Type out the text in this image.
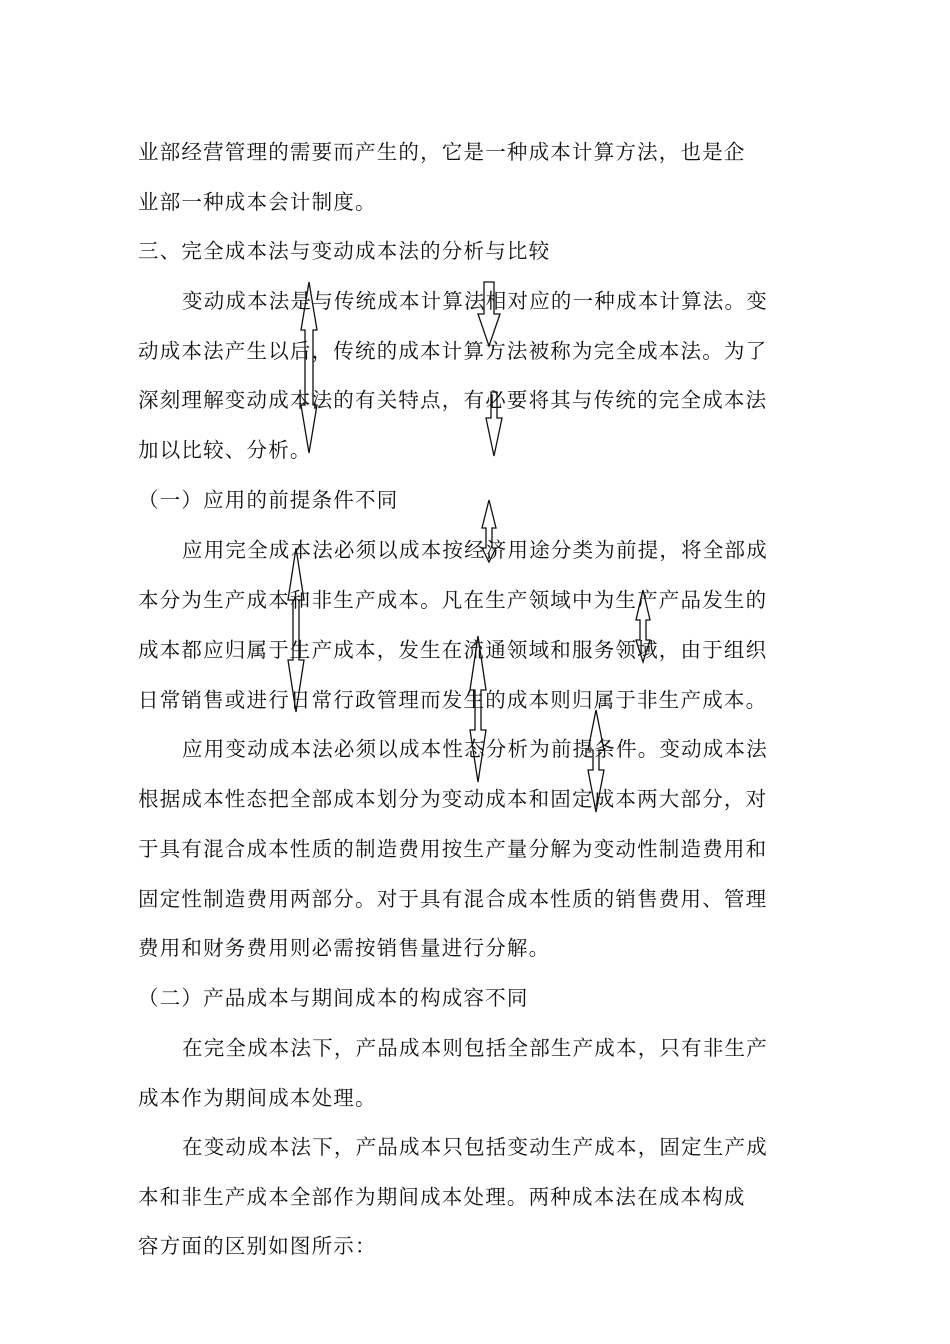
业部经营管理的需要而产生的，它是一种成本计算方法，也是企
业部一种成本会计制度。
三、完全成本法与变动成本法的分析与比较
变动成本法是与传统成本计算法相对应的一种成本计算法。变
动成本法产生以后，传统的成本计算方法被称为完全成本法。为了
深刻理解变动成本法的有关特点，有必要将其与传统的完全成本法
加以比较、分析。
（一）应用的前提条件不同
应用完全成本法必须以成本按经济用途分类为前提，将全部成
本分为生产成本和非生产成本。凡在生产领域中为生产产品发生的
成本都应归属于生产成本，发生在流通领域和服务领域，由于组织
日常销售或进行日常行政管理而发生的成本则归属于非生产成本。
应用变动成本法必须以成本性态分析为前提条件。变动成本法
根据成本性态把全部成本划分为变动成本和固定成本两大部分，对
于具有混合成本性质的制造费用按生产量分解为变动性制造费用和
固定性制造费用两部分。对于具有混合成本性质的销售费用、管理
费用和财务费用则必需按销售量进行分解。
（二）产品成本与期间成本的构成容不同
在完全成本法下，产品成本则包括全部生产成本，只有非生产
成本作为期间成本处理。
在变动成本法下，产品成本只包括变动生产成本，固定生产成
本和非生产成本全部作为期间成本处理。两种成本法在成本构成
容方面的区别如图所示：
